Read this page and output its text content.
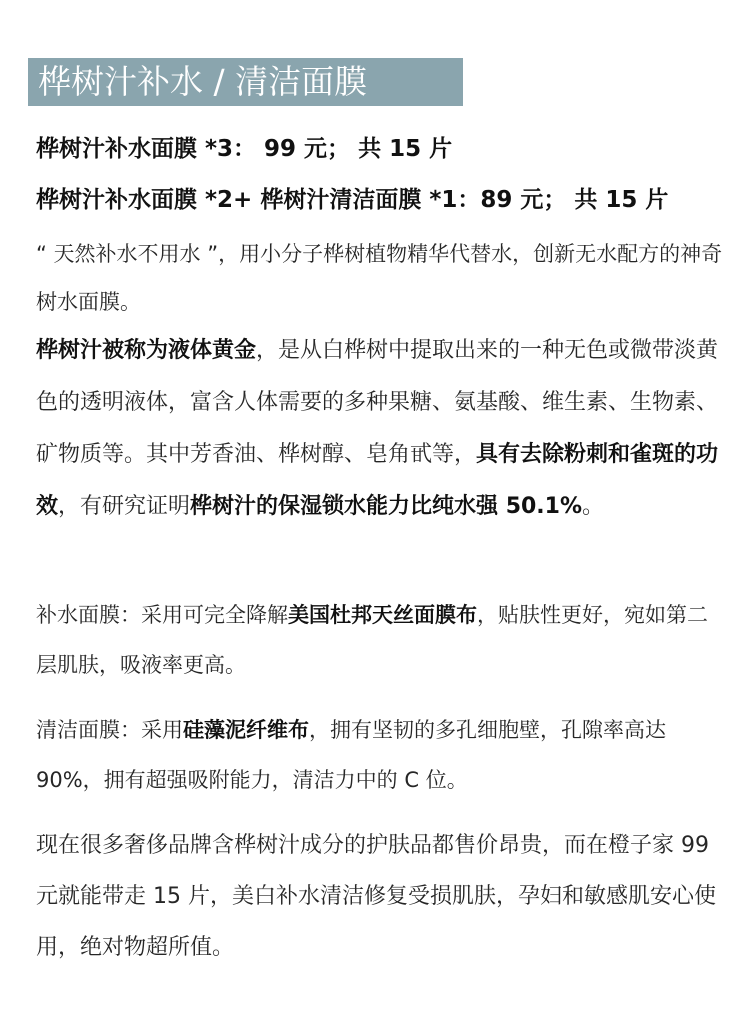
桦树汁补水 / 清洁面膜
桦树汁补水面膜 *3： 99 元； 共 15 片
桦树汁补水面膜 *2+ 桦树汁清洁面膜 *1：89 元； 共 15 片

“ 天然补水不用水 ”，用小分子桦树植物精华代替水，创新无水配方的神奇树水面膜。

桦树汁被称为液体黄金，是从白桦树中提取出来的一种无色或微带淡黄色的透明液体，富含人体需要的多种果糖、氨基酸、维生素、生物素、矿物质等。其中芳香油、桦树醇、皂角甙等，具有去除粉刺和雀斑的功效，有研究证明桦树汁的保湿锁水能力比纯水强 50.1%。

补水面膜：采用可完全降解美国杜邦天丝面膜布，贴肤性更好，宛如第二层肌肤，吸液率更高。

清洁面膜：采用硅藻泥纤维布，拥有坚韧的多孔细胞壁，孔隙率高达 90%，拥有超强吸附能力，清洁力中的 C 位。

现在很多奢侈品牌含桦树汁成分的护肤品都售价昂贵，而在橙子家 99 元就能带走 15 片，美白补水清洁修复受损肌肤，孕妇和敏感肌安心使用，绝对物超所值。
